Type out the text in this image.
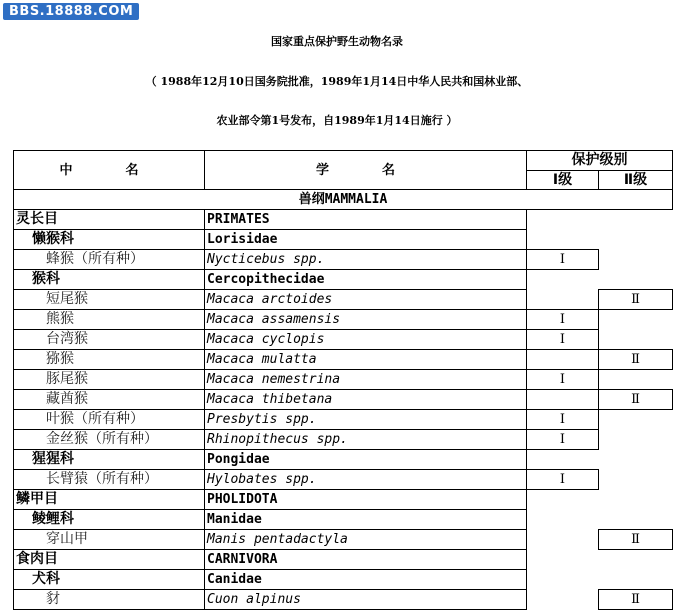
BBS.18888.COM
国家重点保护野生动物名录
（ 1988年12月10日国务院批准，1989年1月14日中华人民共和国林业部、
农业部令第1号发布，自1989年1月14日施行 ）
中　名	学　名	保护级别	
		Ⅰ级	Ⅱ级
兽纲MAMMALIA			
灵长目	PRIMATES		
懒猴科	Lorisidae		
蜂猴（所有种）	Nycticebus spp.	Ⅰ	
猴科	Cercopithecidae		
短尾猴	Macaca arctoides		Ⅱ
熊猴	Macaca assamensis	Ⅰ	
台湾猴	Macaca cyclopis	Ⅰ	
猕猴	Macaca mulatta		Ⅱ
豚尾猴	Macaca nemestrina	Ⅰ	
藏酋猴	Macaca thibetana		Ⅱ
叶猴（所有种）	Presbytis spp.	Ⅰ	
金丝猴（所有种）	Rhinopithecus spp.	Ⅰ	
猩猩科	Pongidae		
长臂猿（所有种）	Hylobates spp.	Ⅰ	
鳞甲目	PHOLIDOTA		
鲮鲤科	Manidae		
穿山甲	Manis pentadactyla		Ⅱ
食肉目	CARNIVORA		
犬科	Canidae		
豺	Cuon alpinus		Ⅱ
